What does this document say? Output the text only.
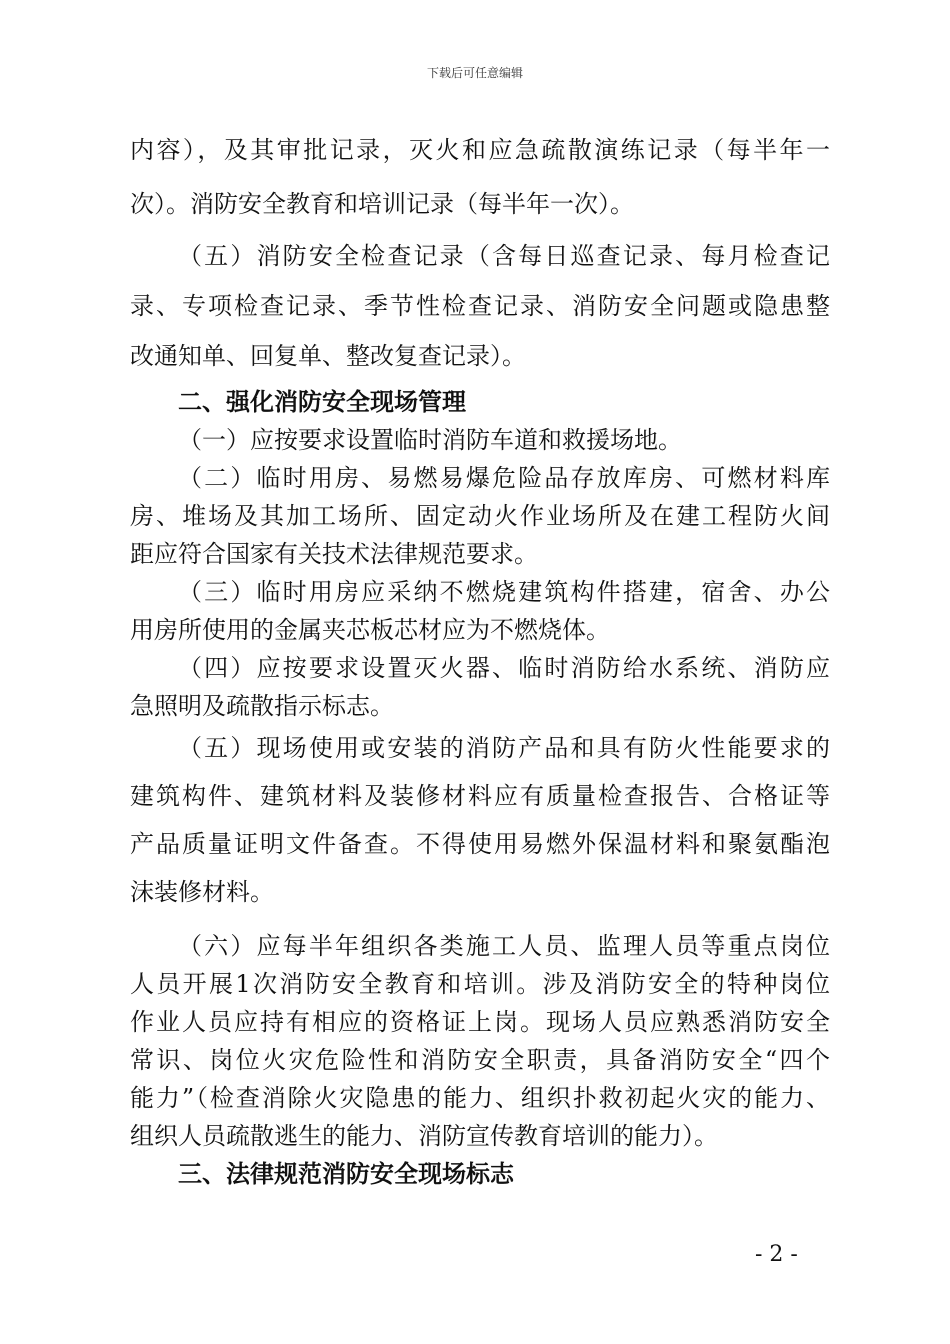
下载后可任意编辑
内容），及其审批记录，灭火和应急疏散演练记录（每半年一
次）。消防安全教育和培训记录（每半年一次）。
（五）消防安全检查记录（含每日巡查记录、每月检查记
录、专项检查记录、季节性检查记录、消防安全问题或隐患整
改通知单、回复单、整改复查记录）。
二、强化消防安全现场管理
（一）应按要求设置临时消防车道和救援场地。
（二）临时用房、易燃易爆危险品存放库房、可燃材料库
房、堆场及其加工场所、固定动火作业场所及在建工程防火间
距应符合国家有关技术法律规范要求。
（三）临时用房应采纳不燃烧建筑构件搭建，宿舍、办公
用房所使用的金属夹芯板芯材应为不燃烧体。
（四）应按要求设置灭火器、临时消防给水系统、消防应
急照明及疏散指示标志。
（五）现场使用或安装的消防产品和具有防火性能要求的
建筑构件、建筑材料及装修材料应有质量检查报告、合格证等
产品质量证明文件备查。不得使用易燃外保温材料和聚氨酯泡
沫装修材料。
（六）应每半年组织各类施工人员、监理人员等重点岗位
人员开展1次消防安全教育和培训。涉及消防安全的特种岗位
作业人员应持有相应的资格证上岗。现场人员应熟悉消防安全
常识、岗位火灾危险性和消防安全职责，具备消防安全“四个
能力”（检查消除火灾隐患的能力、组织扑救初起火灾的能力、
组织人员疏散逃生的能力、消防宣传教育培训的能力）。
三、法律规范消防安全现场标志
- 2 -
